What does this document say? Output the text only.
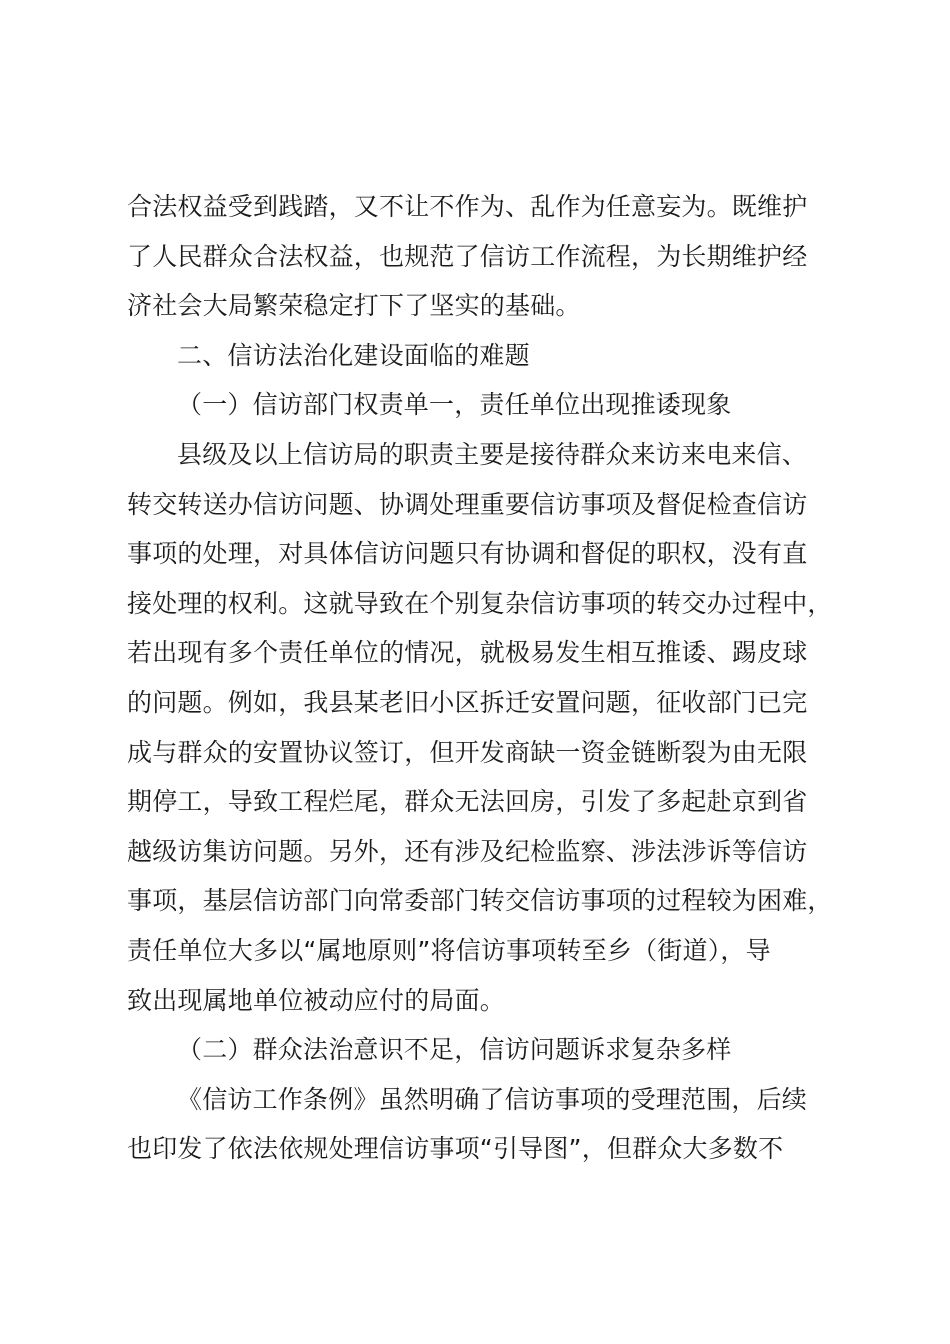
合法权益受到践踏，又不让不作为、乱作为任意妄为。既维护
了人民群众合法权益，也规范了信访工作流程，为长期维护经
济社会大局繁荣稳定打下了坚实的基础。
二、信访法治化建设面临的难题
（一）信访部门权责单一，责任单位出现推诿现象
县级及以上信访局的职责主要是接待群众来访来电来信、
转交转送办信访问题、协调处理重要信访事项及督促检查信访
事项的处理，对具体信访问题只有协调和督促的职权，没有直
接处理的权利。这就导致在个别复杂信访事项的转交办过程中，
若出现有多个责任单位的情况，就极易发生相互推诿、踢皮球
的问题。例如，我县某老旧小区拆迁安置问题，征收部门已完
成与群众的安置协议签订，但开发商缺一资金链断裂为由无限
期停工，导致工程烂尾，群众无法回房，引发了多起赴京到省
越级访集访问题。另外，还有涉及纪检监察、涉法涉诉等信访
事项，基层信访部门向常委部门转交信访事项的过程较为困难，
责任单位大多以“属地原则”将信访事项转至乡（街道），导
致出现属地单位被动应付的局面。
（二）群众法治意识不足，信访问题诉求复杂多样
《信访工作条例》虽然明确了信访事项的受理范围，后续
也印发了依法依规处理信访事项“引导图”，但群众大多数不
